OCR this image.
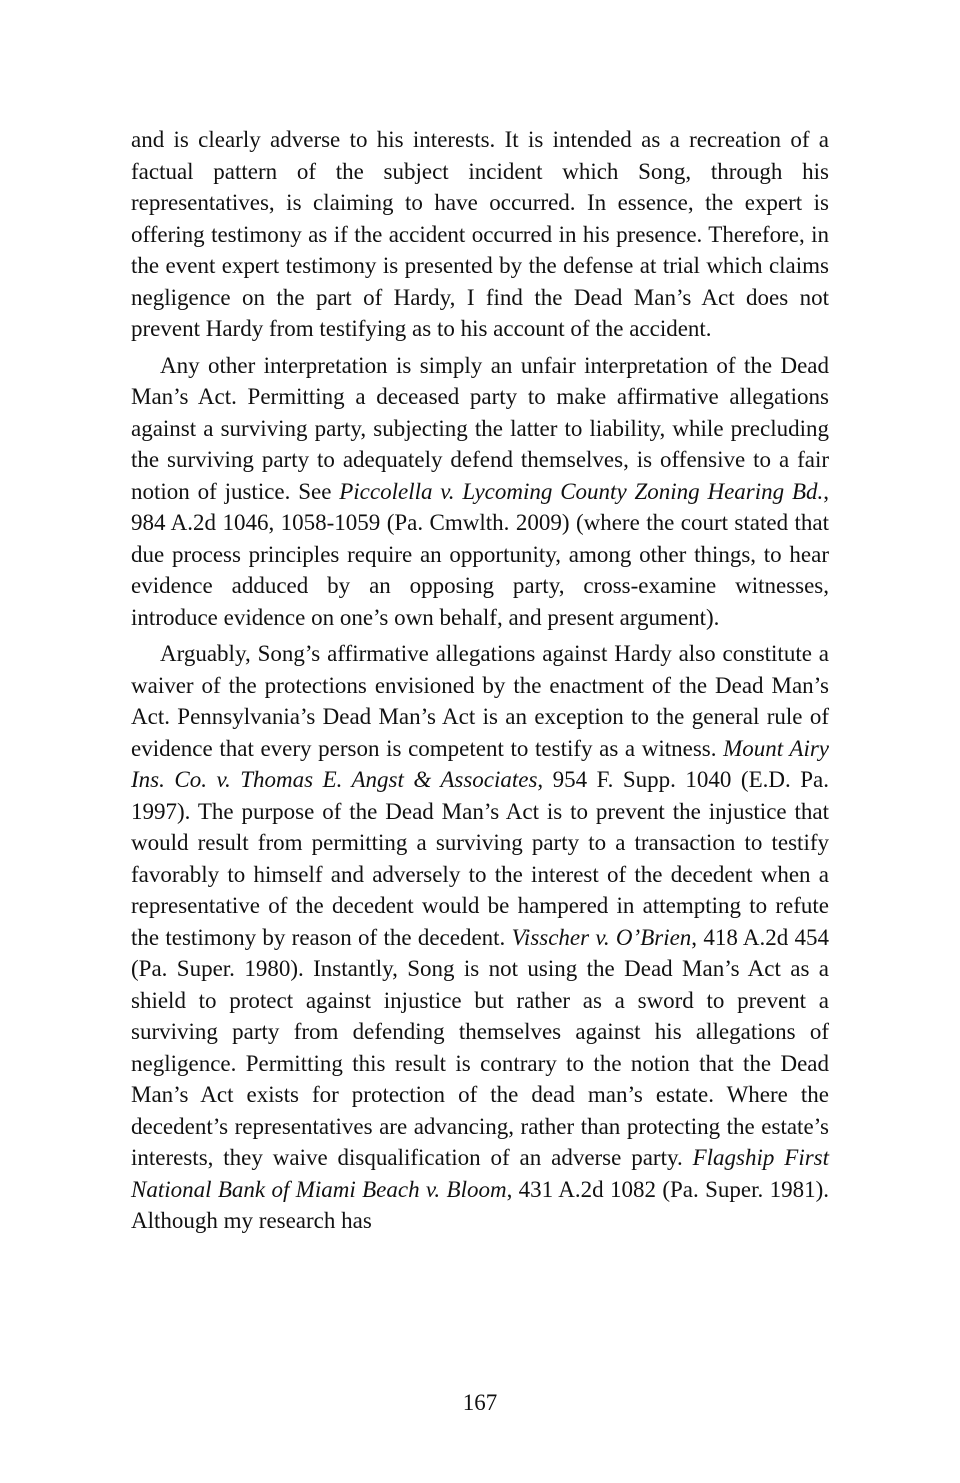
and is clearly adverse to his interests. It is intended as a recreation of a factual pattern of the subject incident which Song, through his representatives, is claiming to have occurred. In essence, the expert is offering testimony as if the accident occurred in his presence. Therefore, in the event expert testimony is presented by the defense at trial which claims negligence on the part of Hardy, I find the Dead Man’s Act does not prevent Hardy from testifying as to his account of the accident.

Any other interpretation is simply an unfair interpretation of the Dead Man’s Act. Permitting a deceased party to make affirmative allegations against a surviving party, subjecting the latter to liability, while precluding the surviving party to adequately defend themselves, is offensive to a fair notion of justice. See Piccolella v. Lycoming County Zoning Hearing Bd., 984 A.2d 1046, 1058-1059 (Pa. Cmwlth. 2009) (where the court stated that due process principles require an opportunity, among other things, to hear evidence adduced by an opposing party, cross-examine witnesses, introduce evidence on one’s own behalf, and present argument).

Arguably, Song’s affirmative allegations against Hardy also constitute a waiver of the protections envisioned by the enactment of the Dead Man’s Act. Pennsylvania’s Dead Man’s Act is an exception to the general rule of evidence that every person is competent to testify as a witness. Mount Airy Ins. Co. v. Thomas E. Angst & Associates, 954 F. Supp. 1040 (E.D. Pa. 1997). The purpose of the Dead Man’s Act is to prevent the injustice that would result from permitting a surviving party to a transaction to testify favorably to himself and adversely to the interest of the decedent when a representative of the decedent would be hampered in attempting to refute the testimony by reason of the decedent. Visscher v. O’Brien, 418 A.2d 454 (Pa. Super. 1980). Instantly, Song is not using the Dead Man’s Act as a shield to protect against injustice but rather as a sword to prevent a surviving party from defending themselves against his allegations of negligence. Permitting this result is contrary to the notion that the Dead Man’s Act exists for protection of the dead man’s estate. Where the decedent’s representatives are advancing, rather than protecting the estate’s interests, they waive disqualification of an adverse party. Flagship First National Bank of Miami Beach v. Bloom, 431 A.2d 1082 (Pa. Super. 1981). Although my research has

167
